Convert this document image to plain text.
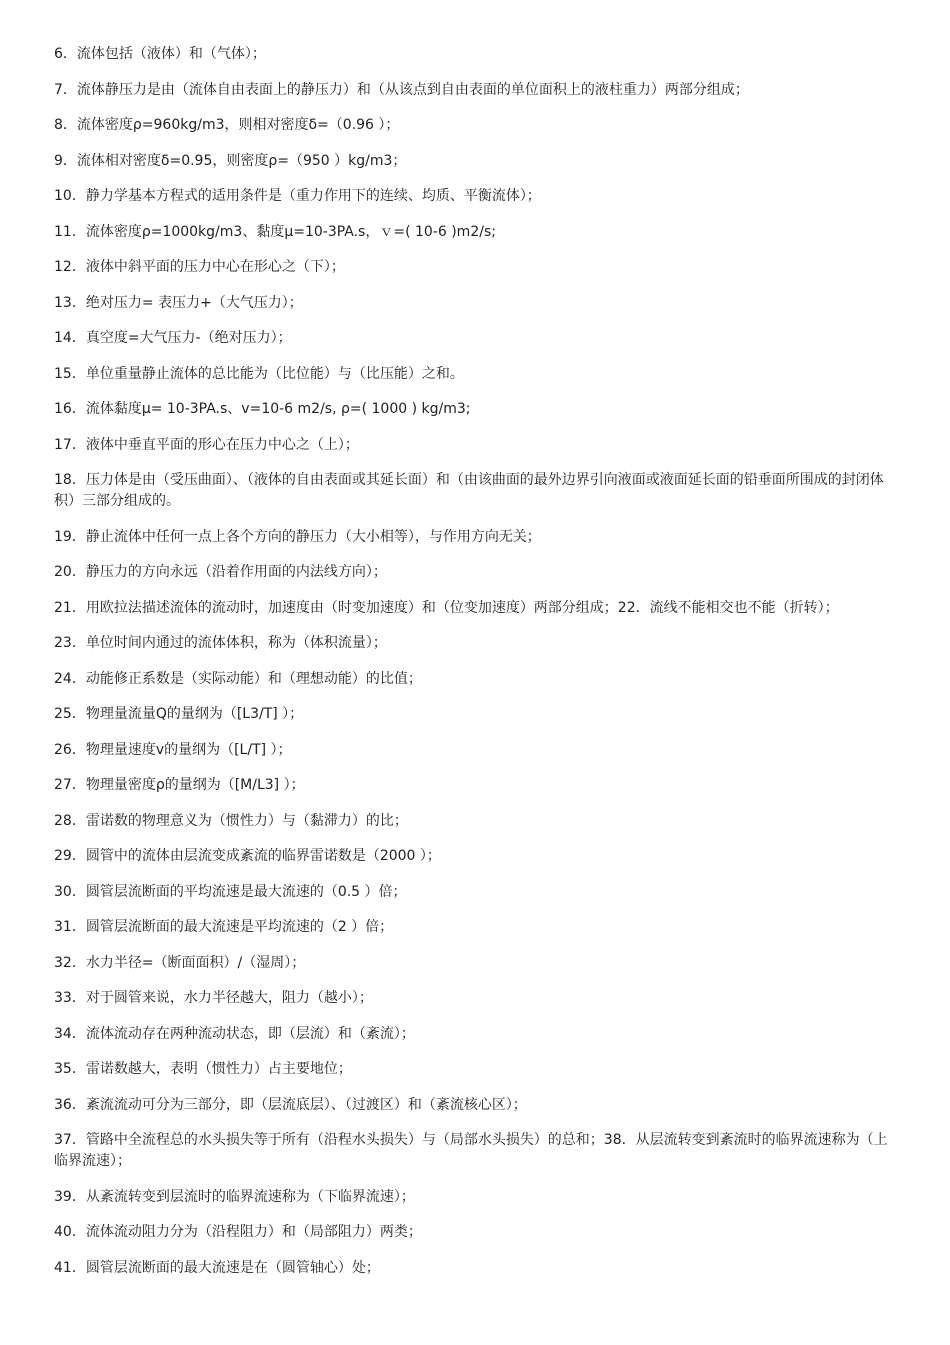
6．流体包括（液体）和（气体）；
7．流体静压力是由（流体自由表面上的静压力）和（从该点到自由表面的单位面积上的液柱重力）两部分组成；
8．流体密度ρ=960kg/m3，则相对密度δ=（0.96 ）；
9．流体相对密度δ=0.95，则密度ρ=（950 ）kg/m3；
10．静力学基本方程式的适用条件是（重力作用下的连续、均质、平衡流体）；
11．流体密度ρ=1000kg/m3、黏度μ=10-3PA.s，ｖ=( 10-6 )m2/s;
12．液体中斜平面的压力中心在形心之（下）；
13．绝对压力= 表压力+（大气压力）；
14．真空度=大气压力-（绝对压力）；
15．单位重量静止流体的总比能为（比位能）与（比压能）之和。
16．流体黏度μ= 10-3PA.s、v=10-6 m2/s, ρ=( 1000 ) kg/m3;
17．液体中垂直平面的形心在压力中心之（上）；
18．压力体是由（受压曲面）、（液体的自由表面或其延长面）和（由该曲面的最外边界引向液面或液面延长面的铅垂面所围成的封闭体积）三部分组成的。
19．静止流体中任何一点上各个方向的静压力（大小相等），与作用方向无关；
20．静压力的方向永远（沿着作用面的内法线方向）；
21．用欧拉法描述流体的流动时，加速度由（时变加速度）和（位变加速度）两部分组成；22．流线不能相交也不能（折转）；
23．单位时间内通过的流体体积，称为（体积流量）；
24．动能修正系数是（实际动能）和（理想动能）的比值；
25．物理量流量Q的量纲为（[L3/T] ）；
26．物理量速度v的量纲为（[L/T] ）；
27．物理量密度ρ的量纲为（[M/L3] ）；
28．雷诺数的物理意义为（惯性力）与（黏滞力）的比；
29．圆管中的流体由层流变成紊流的临界雷诺数是（2000 ）；
30．圆管层流断面的平均流速是最大流速的（0.5 ）倍；
31．圆管层流断面的最大流速是平均流速的（2 ）倍；
32．水力半径=（断面面积）/（湿周）；
33．对于圆管来说，水力半径越大，阻力（越小）；
34．流体流动存在两种流动状态，即（层流）和（紊流）；
35．雷诺数越大，表明（惯性力）占主要地位；
36．紊流流动可分为三部分，即（层流底层）、（过渡区）和（紊流核心区）；
37．管路中全流程总的水头损失等于所有（沿程水头损失）与（局部水头损失）的总和；38．从层流转变到紊流时的临界流速称为（上临界流速）；
39．从紊流转变到层流时的临界流速称为（下临界流速）；
40．流体流动阻力分为（沿程阻力）和（局部阻力）两类；
41．圆管层流断面的最大流速是在（圆管轴心）处；
